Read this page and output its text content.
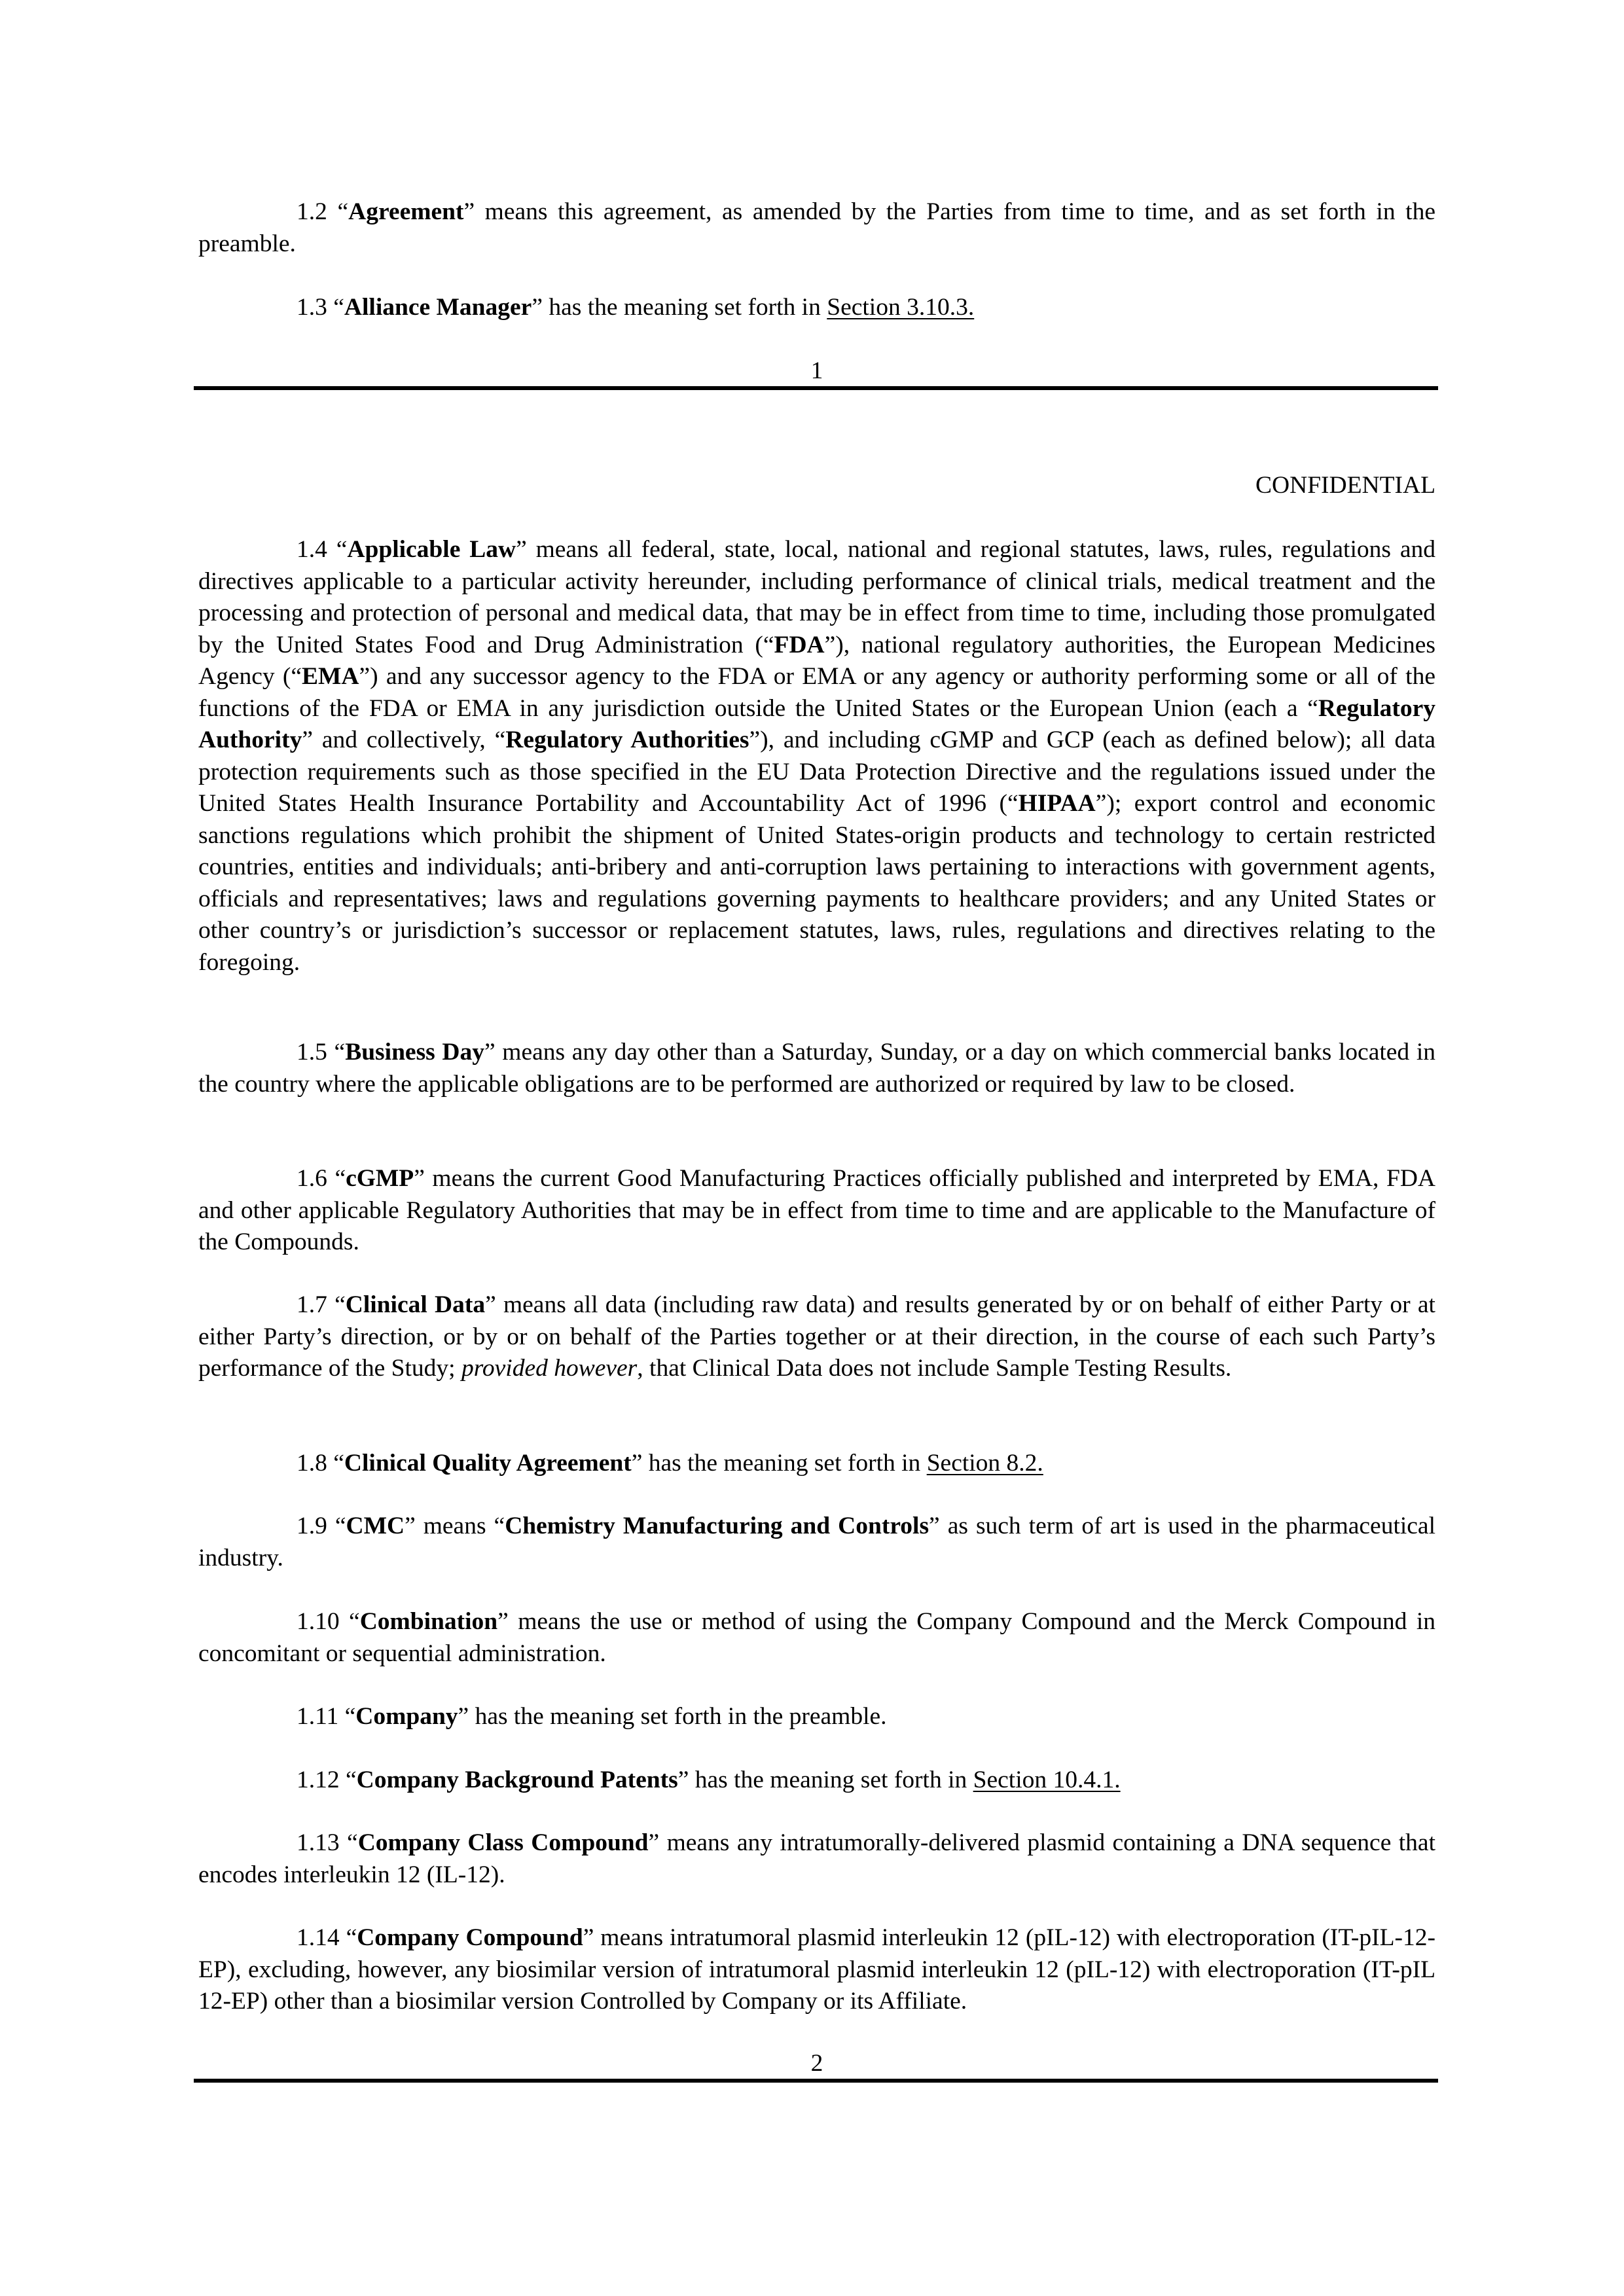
1.2 “Agreement” means this agreement, as amended by the Parties from time to time, and as set forth in the preamble.

1.3 “Alliance Manager” has the meaning set forth in Section 3.10.3.

1
CONFIDENTIAL

1.4 “Applicable Law” means all federal, state, local, national and regional statutes, laws, rules, regulations and directives applicable to a particular activity hereunder, including performance of clinical trials, medical treatment and the processing and protection of personal and medical data, that may be in effect from time to time, including those promulgated by the United States Food and Drug Administration (“FDA”), national regulatory authorities, the European Medicines Agency (“EMA”) and any successor agency to the FDA or EMA or any agency or authority performing some or all of the functions of the FDA or EMA in any jurisdiction outside the United States or the European Union (each a “Regulatory Authority” and collectively, “Regulatory Authorities”), and including cGMP and GCP (each as defined below); all data protection requirements such as those specified in the EU Data Protection Directive and the regulations issued under the United States Health Insurance Portability and Accountability Act of 1996 (“HIPAA”); export control and economic sanctions regulations which prohibit the shipment of United States-origin products and technology to certain restricted countries, entities and individuals; anti-bribery and anti-corruption laws pertaining to interactions with government agents, officials and representatives; laws and regulations governing payments to healthcare providers; and any United States or other country’s or jurisdiction’s successor or replacement statutes, laws, rules, regulations and directives relating to the foregoing.

1.5 “Business Day” means any day other than a Saturday, Sunday, or a day on which commercial banks located in the country where the applicable obligations are to be performed are authorized or required by law to be closed.

1.6 “cGMP” means the current Good Manufacturing Practices officially published and interpreted by EMA, FDA and other applicable Regulatory Authorities that may be in effect from time to time and are applicable to the Manufacture of the Compounds.

1.7 “Clinical Data” means all data (including raw data) and results generated by or on behalf of either Party or at either Party’s direction, or by or on behalf of the Parties together or at their direction, in the course of each such Party’s performance of the Study; provided however, that Clinical Data does not include Sample Testing Results.

1.8 “Clinical Quality Agreement” has the meaning set forth in Section 8.2.

1.9 “CMC” means “Chemistry Manufacturing and Controls” as such term of art is used in the pharmaceutical industry.

1.10 “Combination” means the use or method of using the Company Compound and the Merck Compound in concomitant or sequential administration.

1.11 “Company” has the meaning set forth in the preamble.

1.12 “Company Background Patents” has the meaning set forth in Section 10.4.1.

1.13 “Company Class Compound” means any intratumorally-delivered plasmid containing a DNA sequence that encodes interleukin 12 (IL-12).

1.14 “Company Compound” means intratumoral plasmid interleukin 12 (pIL-12) with electroporation (IT-pIL-12-EP), excluding, however, any biosimilar version of intratumoral plasmid interleukin 12 (pIL-12) with electroporation (IT-pIL 12-EP) other than a biosimilar version Controlled by Company or its Affiliate.

2
